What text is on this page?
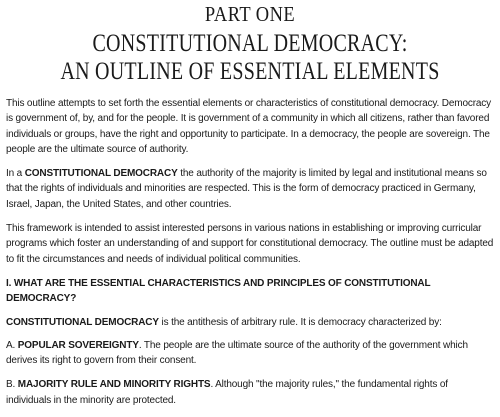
PART ONE
CONSTITUTIONAL DEMOCRACY:
AN OUTLINE OF ESSENTIAL ELEMENTS

This outline attempts to set forth the essential elements or characteristics of constitutional democracy. Democracy is government of, by, and for the people. It is government of a community in which all citizens, rather than favored individuals or groups, have the right and opportunity to participate. In a democracy, the people are sovereign. The people are the ultimate source of authority.

In a CONSTITUTIONAL DEMOCRACY the authority of the majority is limited by legal and institutional means so that the rights of individuals and minorities are respected. This is the form of democracy practiced in Germany, Israel, Japan, the United States, and other countries.

This framework is intended to assist interested persons in various nations in establishing or improving curricular programs which foster an understanding of and support for constitutional democracy. The outline must be adapted to fit the circumstances and needs of individual political communities.

I. WHAT ARE THE ESSENTIAL CHARACTERISTICS AND PRINCIPLES OF CONSTITUTIONAL DEMOCRACY?

CONSTITUTIONAL DEMOCRACY is the antithesis of arbitrary rule. It is democracy characterized by:

A. POPULAR SOVEREIGNTY. The people are the ultimate source of the authority of the government which derives its right to govern from their consent.

B. MAJORITY RULE AND MINORITY RIGHTS. Although "the majority rules," the fundamental rights of individuals in the minority are protected.
